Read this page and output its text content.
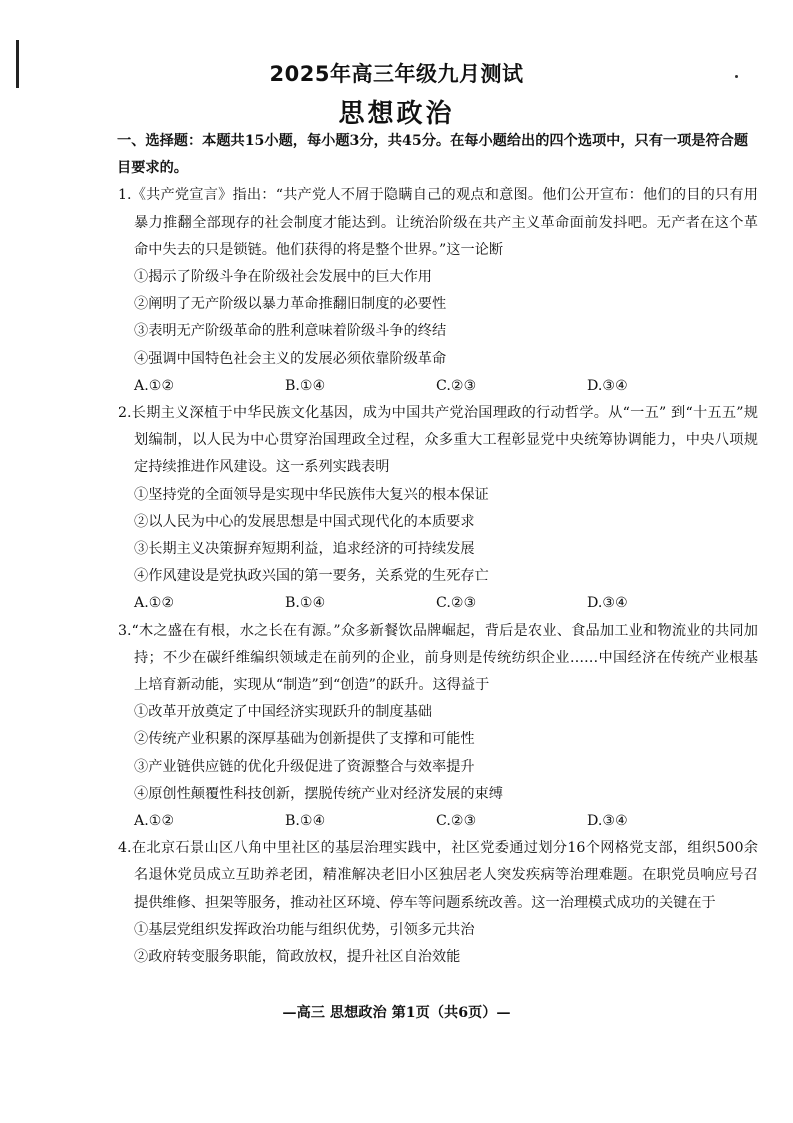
2025年高三年级九月测试
思想政治

一、选择题：本题共15小题，每小题3分，共45分。在每小题给出的四个选项中，只有一项是符合题目要求的。

1.《共产党宣言》指出：“共产党人不屑于隐瞒自己的观点和意图。他们公开宣布：他们的目的只有用暴力推翻全部现存的社会制度才能达到。让统治阶级在共产主义革命面前发抖吧。无产者在这个革命中失去的只是锁链。他们获得的将是整个世界。”这一论断

①揭示了阶级斗争在阶级社会发展中的巨大作用

②阐明了无产阶级以暴力革命推翻旧制度的必要性

③表明无产阶级革命的胜利意味着阶级斗争的终结

④强调中国特色社会主义的发展必须依靠阶级革命

A.①②	B.①④	C.②③	D.③④

2.长期主义深植于中华民族文化基因，成为中国共产党治国理政的行动哲学。从“一五” 到“十五五”规划编制，以人民为中心贯穿治国理政全过程，众多重大工程彰显党中央统筹协调能力，中央八项规定持续推进作风建设。这一系列实践表明

①坚持党的全面领导是实现中华民族伟大复兴的根本保证

②以人民为中心的发展思想是中国式现代化的本质要求

③长期主义决策摒弃短期利益，追求经济的可持续发展

④作风建设是党执政兴国的第一要务，关系党的生死存亡

A.①②	B.①④	C.②③	D.③④

3.“木之盛在有根，水之长在有源。”众多新餐饮品牌崛起，背后是农业、食品加工业和物流业的共同加持；不少在碳纤维编织领域走在前列的企业，前身则是传统纺织企业……中国经济在传统产业根基上培育新动能，实现从“制造”到“创造”的跃升。这得益于

①改革开放奠定了中国经济实现跃升的制度基础

②传统产业积累的深厚基础为创新提供了支撑和可能性

③产业链供应链的优化升级促进了资源整合与效率提升

④原创性颠覆性科技创新，摆脱传统产业对经济发展的束缚

A.①②	B.①④	C.②③	D.③④

4.在北京石景山区八角中里社区的基层治理实践中，社区党委通过划分16个网格党支部，组织500余名退休党员成立互助养老团，精准解决老旧小区独居老人突发疾病等治理难题。在职党员响应号召提供维修、担架等服务，推动社区环境、停车等问题系统改善。这一治理模式成功的关键在于

①基层党组织发挥政治功能与组织优势，引领多元共治

②政府转变服务职能，简政放权，提升社区自治效能

—高三 思想政治 第1页（共6页）—
